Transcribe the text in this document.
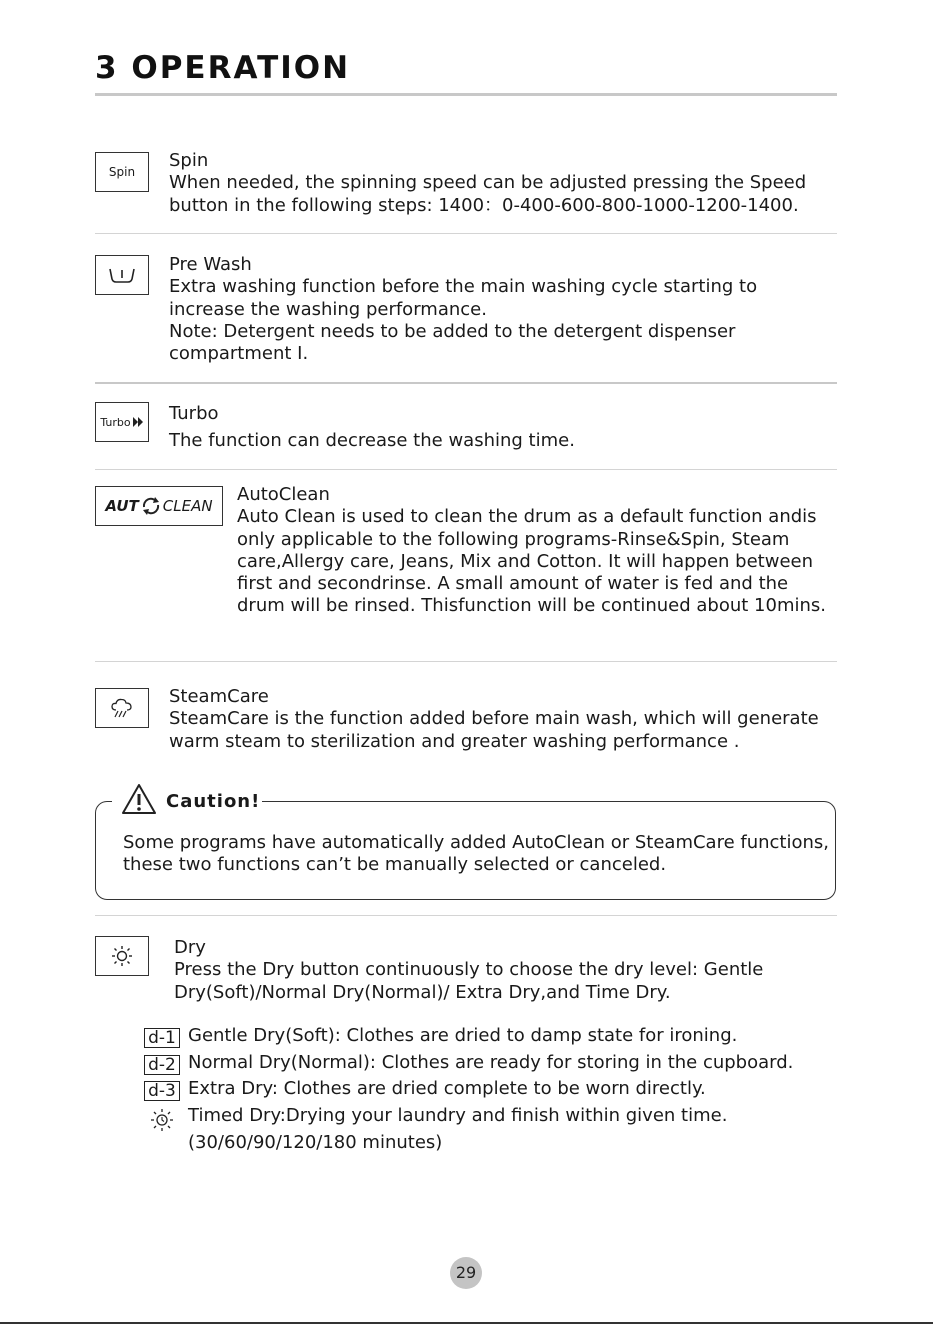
3 OPERATION
Spin

Spin

When needed, the spinning speed can be adjusted pressing the Speed button in the following steps: 1400：0-400-600-800-1000-1200-1400.

Pre Wash

Extra washing function before the main washing cycle starting to increase the washing performance.

Note: Detergent needs to be added to the detergent dispenser compartment I.

Turbo Turbo

The function can decrease the washing time.

AUT CLEAN

AutoClean

Auto Clean is used to clean the drum as a default function andis only applicable to the following programs-Rinse&Spin, Steam care,Allergy care, Jeans, Mix and Cotton. It will happen between first and secondrinse. A small amount of water is fed and the drum will be rinsed. Thisfunction will be continued about 10mins.

SteamCare

SteamCare is the function added before main wash, which will generate warm steam to sterilization and greater washing performance .

Caution!
Some programs have automatically added AutoClean or SteamCare functions, these two functions can’t be manually selected or canceled.

Dry

Press the Dry button continuously to choose the dry level: Gentle Dry(Soft)/Normal Dry(Normal)/ Extra Dry,and Time Dry.

d-1 Gentle Dry(Soft): Clothes are dried to damp state for ironing.
d-2 Normal Dry(Normal): Clothes are ready for storing in the cupboard.
d-3 Extra Dry: Clothes are dried complete to be worn directly.
Timed Dry:Drying your laundry and finish within given time.
(30/60/90/120/180 minutes)
29
